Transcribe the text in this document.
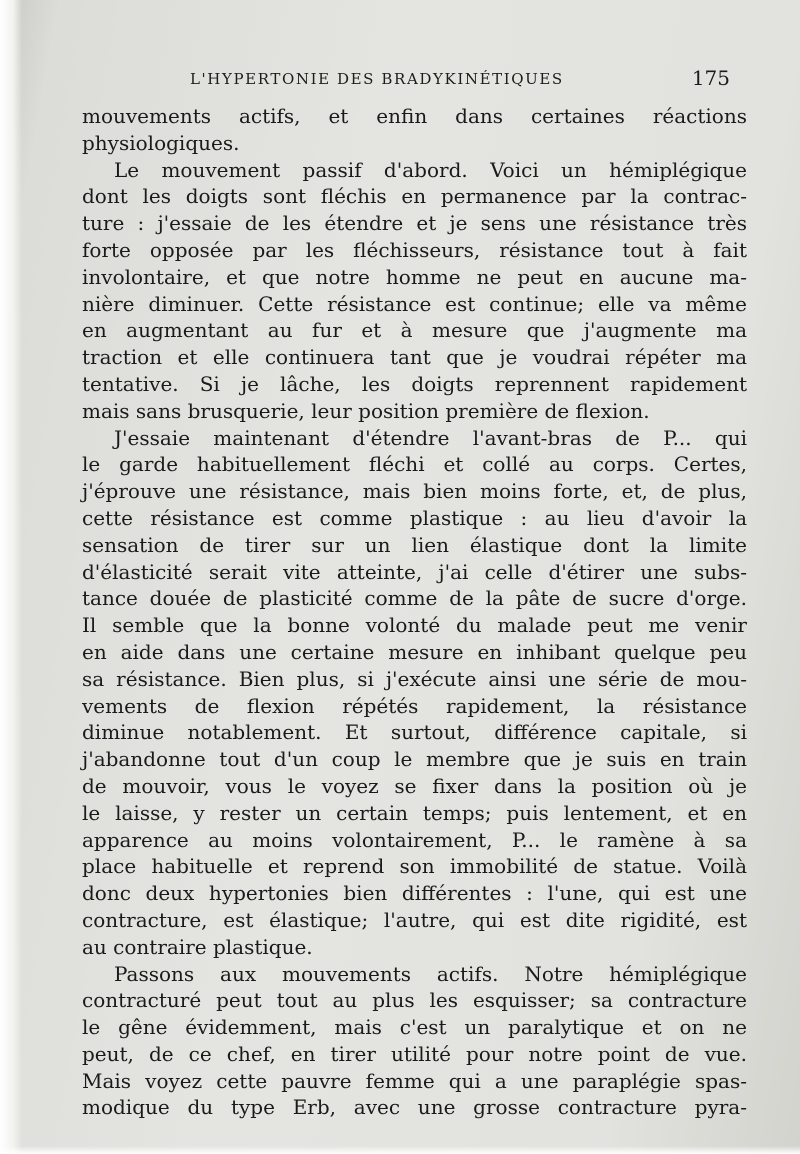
L'HYPERTONIE DES BRADYKINÉTIQUES	175
mouvements actifs, et enfin dans certaines réactions
physiologiques.
Le mouvement passif d'abord. Voici un hémiplégique
dont les doigts sont fléchis en permanence par la contrac-
ture : j'essaie de les étendre et je sens une résistance très
forte opposée par les fléchisseurs, résistance tout à fait
involontaire, et que notre homme ne peut en aucune ma-
nière diminuer. Cette résistance est continue; elle va même
en augmentant au fur et à mesure que j'augmente ma
traction et elle continuera tant que je voudrai répéter ma
tentative. Si je lâche, les doigts reprennent rapidement
mais sans brusquerie, leur position première de flexion.
J'essaie maintenant d'étendre l'avant-bras de P... qui
le garde habituellement fléchi et collé au corps. Certes,
j'éprouve une résistance, mais bien moins forte, et, de plus,
cette résistance est comme plastique : au lieu d'avoir la
sensation de tirer sur un lien élastique dont la limite
d'élasticité serait vite atteinte, j'ai celle d'étirer une subs-
tance douée de plasticité comme de la pâte de sucre d'orge.
Il semble que la bonne volonté du malade peut me venir
en aide dans une certaine mesure en inhibant quelque peu
sa résistance. Bien plus, si j'exécute ainsi une série de mou-
vements de flexion répétés rapidement, la résistance
diminue notablement. Et surtout, différence capitale, si
j'abandonne tout d'un coup le membre que je suis en train
de mouvoir, vous le voyez se fixer dans la position où je
le laisse, y rester un certain temps; puis lentement, et en
apparence au moins volontairement, P... le ramène à sa
place habituelle et reprend son immobilité de statue. Voilà
donc deux hypertonies bien différentes : l'une, qui est une
contracture, est élastique; l'autre, qui est dite rigidité, est
au contraire plastique.
Passons aux mouvements actifs. Notre hémiplégique
contracturé peut tout au plus les esquisser; sa contracture
le gêne évidemment, mais c'est un paralytique et on ne
peut, de ce chef, en tirer utilité pour notre point de vue.
Mais voyez cette pauvre femme qui a une paraplégie spas-
modique du type Erb, avec une grosse contracture pyra-
